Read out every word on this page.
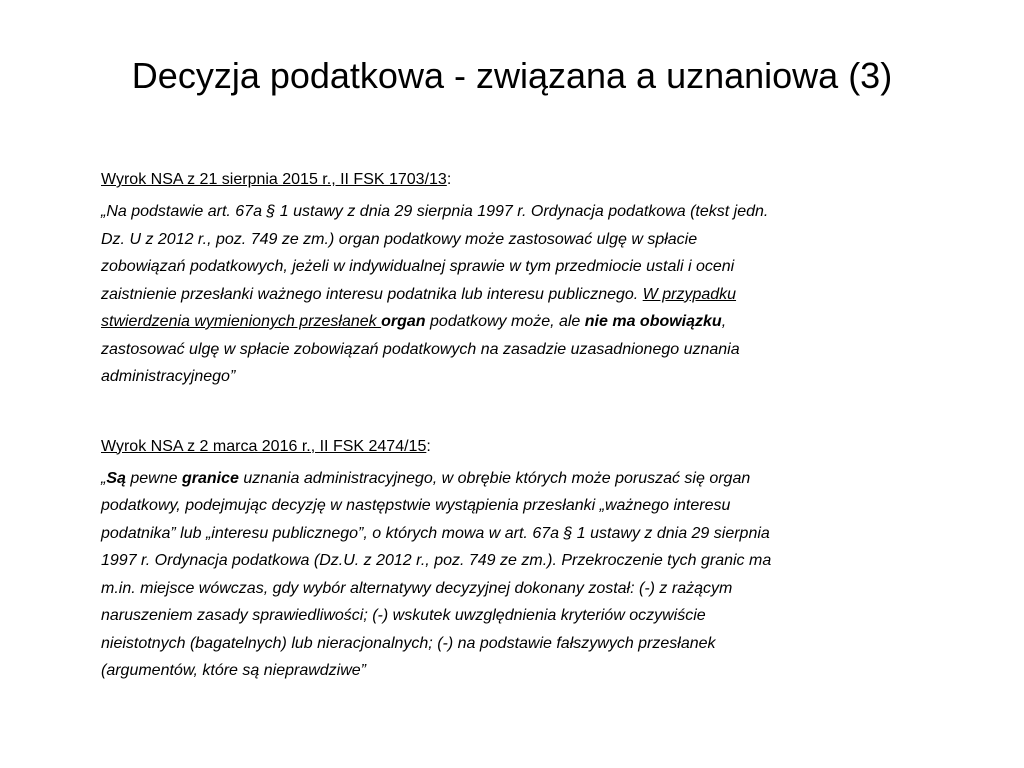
Decyzja podatkowa - związana a uznaniowa (3)
Wyrok NSA z 21 sierpnia 2015 r., II FSK 1703/13:

„Na podstawie art. 67a § 1 ustawy z dnia 29 sierpnia 1997 r. Ordynacja podatkowa (tekst jedn.
Dz. U z 2012 r., poz. 749 ze zm.) organ podatkowy może zastosować ulgę w spłacie
zobowiązań podatkowych, jeżeli w indywidualnej sprawie w tym przedmiocie ustali i oceni
zaistnienie przesłanki ważnego interesu podatnika lub interesu publicznego. W przypadku
stwierdzenia wymienionych przesłanek organ podatkowy może, ale nie ma obowiązku,
zastosować ulgę w spłacie zobowiązań podatkowych na zasadzie uzasadnionego uznania
administracyjnego”

Wyrok NSA z 2 marca 2016 r., II FSK 2474/15:

„Są pewne granice uznania administracyjnego, w obrębie których może poruszać się organ
podatkowy, podejmując decyzję w następstwie wystąpienia przesłanki „ważnego interesu
podatnika” lub „interesu publicznego”, o których mowa w art. 67a § 1 ustawy z dnia 29 sierpnia
1997 r. Ordynacja podatkowa (Dz.U. z 2012 r., poz. 749 ze zm.). Przekroczenie tych granic ma
m.in. miejsce wówczas, gdy wybór alternatywy decyzyjnej dokonany został: (-) z rażącym
naruszeniem zasady sprawiedliwości; (-) wskutek uwzględnienia kryteriów oczywiście
nieistotnych (bagatelnych) lub nieracjonalnych; (-) na podstawie fałszywych przesłanek
(argumentów, które są nieprawdziwe”
